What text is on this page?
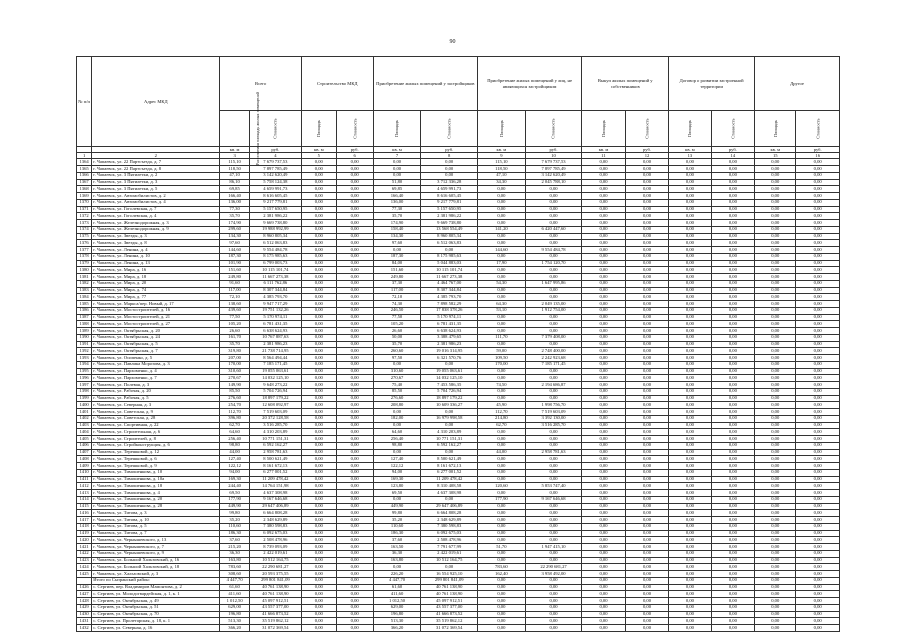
90
№ п/п	Адрес МКД	Всего		Строительство МКД		Приобретение жилых помещений у застройщиков		Приобретение жилых помещений у лиц, не являющихся застройщиком		Выкуп жилых помещений у собственников		Договор о развитии застроенной территории		Другое	
		Расселяемая площадь жилых помещений	Стоимость	Площадь	Стоимость	Площадь	Стоимость	Площадь	Стоимость	Площадь	Стоимость	Площадь	Стоимость	Площадь	Стоимость
		кв. м	руб.	кв. м	руб.	кв. м	руб.	кв. м	руб.	кв. м	руб.	кв. м	руб.	кв. м	руб.
1	2	3	4	5	6	7	8	9	10	11	12	13	14	15	16
1364	г. Чапаевск, ул. 22 Партсъезда, д. 7	115,10	7 679 737,53	0,00	0,00	0,00	0,00	115,10	7 679 737,53	0,00	0,00	0,00	0,00	0,00	0,00
1365	г. Чапаевск, ул. 22 Партсъезда, д. 8	118,50	7 897 785,49	0,00	0,00	0,00	0,00	118,50	7 897 785,49	0,00	0,00	0,00	0,00	0,00	0,00
1366	г. Чапаевск, ул. 3 Пятилетки, д. 2	47,10	3 142 620,49	0,00	0,00	0,00	0,00	47,10	3 142 620,49	0,00	0,00	0,00	0,00	0,00	0,00
1367	г. Чапаевск, ул. 3 Пятилетки, д. 3	86,10	5 758 124,38	0,00	0,00	51,80	3 712 336,28	34,30	2 045 788,10	0,00	0,00	0,00	0,00	0,00	0,00
1368	г. Чапаевск, ул. 3 Пятилетки, д. 5	69,85	4 659 991,73	0,00	0,00	69,85	4 659 991,73	0,00	0,00	0,00	0,00	0,00	0,00	0,00	0,00
1369	г. Чапаевск, ул. Автомобилистов, д. 2	166,40	8 616 605,45	0,00	0,00	166,40	8 616 605,45	0,00	0,00	0,00	0,00	0,00	0,00	0,00	0,00
1370	г. Чапаевск, ул. Автомобилистов, д. 4	136,00	9 217 779,81	0,00	0,00	136,00	9 217 779,81	0,00	0,00	0,00	0,00	0,00	0,00	0,00	0,00
1371	г. Чапаевск, ул. Гоголевская, д. 7	77,30	5 157 650,95	0,00	0,00	77,30	5 157 650,95	0,00	0,00	0,00	0,00	0,00	0,00	0,00	0,00
1372	г. Чапаевск, ул. Гоголевская, д. 4	35,70	2 381 986,22	0,00	0,00	35,70	2 381 986,22	0,00	0,00	0,00	0,00	0,00	0,00	0,00	0,00
1373	г. Чапаевск, ул. Железнодорожная, д. 3	174,90	9 669 738,80	0,00	0,00	174,90	9 669 738,80	0,00	0,00	0,00	0,00	0,00	0,00	0,00	0,00
1374	г. Чапаевск, ул. Железнодорожная, д. 9	299,60	19 988 992,99	0,00	0,00	158,40	13 568 554,49	141,20	6 420 447,60	0,00	0,00	0,00	0,00	0,00	0,00
1375	г. Чапаевск, ул. Звезды, д. 3	134,30	8 960 805,34	0,00	0,00	134,30	8 960 805,34	0,00	0,00	0,00	0,00	0,00	0,00	0,00	0,00
1376	г. Чапаевск, ул. Звезды, д. 8	97,60	6 512 063,83	0,00	0,00	97,60	6 512 063,83	0,00	0,00	0,00	0,00	0,00	0,00	0,00	0,00
1377	г. Чапаевск, ул. Ленина, д. 4	144,60	9 554 484,78	0,00	0,00	0,00	0,00	144,60	9 554 484,78	0,00	0,00	0,00	0,00	0,00	0,00
1378	г. Чапаевск, ул. Ленина, д. 10	187,30	8 175 985,63	0,00	0,00	187,30	8 175 985,63	0,00	0,00	0,00	0,00	0,00	0,00	0,00	0,00
1379	г. Чапаевск, ул. Ленина, д. 13	101,90	6 799 003,73	0,00	0,00	84,00	5 044 883,03	17,90	1 754 120,70	0,00	0,00	0,00	0,00	0,00	0,00
1380	г. Чапаевск, ул. Мира, д. 16	151,60	10 115 101,74	0,00	0,00	151,60	10 115 101,74	0,00	0,00	0,00	0,00	0,00	0,00	0,00	0,00
1381	г. Чапаевск, ул. Мира, д. 18	249,80	11 667 273,38	0,00	0,00	249,80	11 667 273,38	0,00	0,00	0,00	0,00	0,00	0,00	0,00	0,00
1382	г. Чапаевск, ул. Мира, д. 20	91,60	6 111 762,86	0,00	0,00	37,30	4 464 767,00	54,30	1 647 995,86	0,00	0,00	0,00	0,00	0,00	0,00
1383	г. Чапаевск, ул. Мира, д. 74	117,00	8 307 344,84	0,00	0,00	117,00	8 307 344,84	0,00	0,00	0,00	0,00	0,00	0,00	0,00	0,00
1384	г. Чапаевск, ул. Мира, д. 77	72,10	4 385 793,70	0,00	0,00	72,10	4 385 793,70	0,00	0,00	0,00	0,00	0,00	0,00	0,00	0,00
1385	г. Чапаевск, ул. Маркса/пер. Новый, д. 17	138,60	9 947 717,29	0,00	0,00	74,30	7 898 582,29	64,30	2 049 135,00	0,00	0,00	0,00	0,00	0,00	0,00
1386	г. Чапаевск, ул. Мостостроителей, д. 16	439,60	19 751 132,26	0,00	0,00	246,50	17 838 378,26	53,10	1 912 754,00	0,00	0,00	0,00	0,00	0,00	0,00
1387	г. Чапаевск, ул. Мостостроителей, д. 21	77,50	5 170 974,11	0,00	0,00	77,50	5 170 974,11	0,00	0,00	0,00	0,00	0,00	0,00	0,00	0,00
1388	г. Чапаевск, ул. Мостостроителей, д. 27	105,20	6 781 431,35	0,00	0,00	105,20	6 781 431,35	0,00	0,00	0,00	0,00	0,00	0,00	0,00	0,00
1389	г. Чапаевск, ул. Октябрьская, д. 20	26,60	6 638 624,93	0,00	0,00	26,60	6 638 624,93	0,00	0,00	0,00	0,00	0,00	0,00	0,00	0,00
1390	г. Чапаевск, ул. Октябрьская, д. 24	161,70	10 767 887,63	0,00	0,00	50,00	3 388 479,65	111,70	7 379 408,00	0,00	0,00	0,00	0,00	0,00	0,00
1391	г. Чапаевск, ул. Октябрьская, д. 5	35,70	2 381 986,23	0,00	0,00	35,70	2 381 986,23	0,00	0,00	0,00	0,00	0,00	0,00	0,00	0,00
1392	г. Чапаевск, ул. Октябрьская, д. 7	319,80	21 738 714,95	0,00	0,00	260,60	19 016 314,95	59,00	2 748 400,00	0,00	0,00	0,00	0,00	0,00	0,00
1393	г. Чапаевск, ул. Осипенко, д. 5	207,00	8 564 494,44	0,00	0,00	97,50	6 321 570,76	109,50	2 242 923,68	0,00	0,00	0,00	0,00	0,00	0,00
1394	г. Чапаевск, ул. Павлика Морозова, д. 3	170,00	7 185 171,45	0,00	0,00	0,00	0,00	170,00	7 185 171,45	0,00	0,00	0,00	0,00	0,00	0,00
1395	г. Чапаевск, ул. Пархоменко, д. 4	310,60	19 055 063,61	0,00	0,00	310,60	19 055 063,61	0,00	0,00	0,00	0,00	0,00	0,00	0,00	0,00
1396	г. Чапаевск, ул. Пархоменко, д. 7	270,67	14 032 125,10	0,00	0,00	270,67	14 032 125,10	0,00	0,00	0,00	0,00	0,00	0,00	0,00	0,00
1397	г. Чапаевск, ул. Полевая, д. 3	149,90	9 648 273,22	0,00	0,00	75,40	7 453 586,35	74,50	2 194 686,87	0,00	0,00	0,00	0,00	0,00	0,00
1398	г. Чапаевск, ул. Рабочая, д. 20	85,50	5 704 726,94	0,00	0,00	85,50	5 704 726,94	0,00	0,00	0,00	0,00	0,00	0,00	0,00	0,00
1399	г. Чапаевск, ул. Рабочая, д. 5	276,60	18 897 179,22	0,00	0,00	276,60	18 897 179,22	0,00	0,00	0,00	0,00	0,00	0,00	0,00	0,00
1400	г. Чапаевск, ул. Северная, д. 3	254,70	12 608 092,97	0,00	0,00	208,80	10 609 336,27	45,90	1 998 756,70	0,00	0,00	0,00	0,00	0,00	0,00
1401	г. Чапаевск, ул. Советская, д. 9	112,70	7 519 603,09	0,00	0,00	0,00	0,00	112,70	7 519 603,09	0,00	0,00	0,00	0,00	0,00	0,00
1402	г. Чапаевск, ул. Советская, д. 28	396,80	20 372 128,58	0,00	0,00	182,00	16 979 998,58	214,80	3 392 130,00	0,00	0,00	0,00	0,00	0,00	0,00
1403	г. Чапаевск, ул. Спортивная, д. 22	62,70	3 516 285,70	0,00	0,00	0,00	0,00	62,70	3 516 285,70	0,00	0,00	0,00	0,00	0,00	0,00
1404	г. Чапаевск, ул. Строительная, д. 6	64,60	4 310 203,89	0,00	0,00	64,60	4 310 203,89	0,00	0,00	0,00	0,00	0,00	0,00	0,00	0,00
1405	г. Чапаевск, ул. Строителей, д. 8	256,40	10 771 151,31	0,00	0,00	256,40	10 771 151,31	0,00	0,00	0,00	0,00	0,00	0,00	0,00	0,00
1406	г. Чапаевск, ул. Стройконструкция, д. 6	98,80	6 592 162,27	0,00	0,00	98,80	6 592 162,27	0,00	0,00	0,00	0,00	0,00	0,00	0,00	0,00
1407	г. Чапаевск, ул. Терешковой, д. 12	44,00	2 958 781,63	0,00	0,00	0,00	0,00	44,00	2 958 781,63	0,00	0,00	0,00	0,00	0,00	0,00
1408	г. Чапаевск, ул. Терешковой, д. 6	127,40	8 500 621,49	0,00	0,00	127,40	8 500 621,49	0,00	0,00	0,00	0,00	0,00	0,00	0,00	0,00
1409	г. Чапаевск, ул. Терешковой, д. 9	122,12	8 161 672,13	0,00	0,00	122,12	8 161 672,13	0,00	0,00	0,00	0,00	0,00	0,00	0,00	0,00
1410	г. Чапаевск, ул. Тимошенкова, д. 10	94,00	6 277 001,52	0,00	0,00	94,00	6 277 001,52	0,00	0,00	0,00	0,00	0,00	0,00	0,00	0,00
1411	г. Чапаевск, ул. Тимошенкова, д. 10а	169,30	11 209 478,42	0,00	0,00	169,30	11 209 478,42	0,00	0,00	0,00	0,00	0,00	0,00	0,00	0,00
1412	г. Чапаевск, ул. Тимошенкова, д. 18	244,40	14 764 151,98	0,00	0,00	123,80	8 310 408,58	120,60	5 853 747,40	0,00	0,00	0,00	0,00	0,00	0,00
1413	г. Чапаевск, ул. Тимошенкова, д. 4	69,50	4 637 308,98	0,00	0,00	69,50	4 637 308,98	0,00	0,00	0,00	0,00	0,00	0,00	0,00	0,00
1414	г. Чапаевск, ул. Тимошенкова, д. 20	177,90	9 167 646,68	0,00	0,00	0,00	0,00	177,90	9 167 646,68	0,00	0,00	0,00	0,00	0,00	0,00
1415	г. Чапаевск, ул. Тимошенкова, д. 28	449,90	29 647 406,89	0,00	0,00	449,90	29 647 406,89	0,00	0,00	0,00	0,00	0,00	0,00	0,00	0,00
1416	г. Чапаевск, ул. Титова, д. 3	99,80	6 664 808,28	0,00	0,00	99,80	6 664 808,28	0,00	0,00	0,00	0,00	0,00	0,00	0,00	0,00
1417	г. Чапаевск, ул. Титова, д. 10	35,20	2 348 629,89	0,00	0,00	35,20	2 348 629,89	0,00	0,00	0,00	0,00	0,00	0,00	0,00	0,00
1418	г. Чапаевск, ул. Титова, д. 5	110,60	7 380 598,83	0,00	0,00	110,60	7 380 598,83	0,00	0,00	0,00	0,00	0,00	0,00	0,00	0,00
1419	г. Чапаевск, ул. Титова, д. 7	186,30	6 092 675,03	0,00	0,00	186,30	6 092 675,03	0,00	0,00	0,00	0,00	0,00	0,00	0,00	0,00
1420	г. Чапаевск, ул. Чернышевского, д. 13	37,60	2 508 478,96	0,00	0,00	37,60	2 508 478,96	0,00	0,00	0,00	0,00	0,00	0,00	0,00	0,00
1421	г. Чапаевск, ул. Чернышевского, д. 7	215,20	8 739 093,09	0,00	0,00	163,50	7 791 677,99	51,70	1 947 415,10	0,00	0,00	0,00	0,00	0,00	0,00
1422	г. Чапаевск, ул. Чернышевского, д. 9	36,30	2 422 019,61	0,00	0,00	36,30	2 422 019,61	0,00	0,00	0,00	0,00	0,00	0,00	0,00	0,00
1423	г. Чапаевск, ул. Большой Хальзовский, д. 16	163,80	10 512 164,75	0,00	0,00	163,80	10 512 164,75	0,00	0,00	0,00	0,00	0,00	0,00	0,00	0,00
1424	г. Чапаевск, ул. Большой Хальзовский, д. 18	783,60	22 290 681,27	0,00	0,00	0,00	0,00	783,60	22 290 681,27	0,00	0,00	0,00	0,00	0,00	0,00
1425	г. Чапаевск, ул. Хальзовский, д. 3	308,60	20 593 375,55	0,00	0,00	226,20	16 554 925,10	162,40	3 958 492,00	0,00	0,00	0,00	0,00	0,00	0,00
	Итого по Сызранский район:	4 447,70	299 801 841,09	0,00	0,00	4 447,70	299 801 841,09	0,00	0,00	0,00	0,00	0,00	0,00	0,00	0,00
1426	с. Сергиев, пер. Владимиров Мамонтова, д. 2	61,60	40 761 138,90	0,00	0,00	61,60	40 761 138,90	0,00	0,00	0,00	0,00	0,00	0,00	0,00	0,00
1427	с. Сергиев, ул. Молодогвардейская, д. 1, к. 1	411,60	40 761 138,90	0,00	0,00	411,60	40 761 138,90	0,00	0,00	0,00	0,00	0,00	0,00	0,00	0,00
1428	с. Сергиев, ул. Октябрьская, д. 49	1 012,50	45 097 912,51	0,00	0,00	1 012,50	45 097 912,51	0,00	0,00	0,00	0,00	0,00	0,00	0,00	0,00
1429	с. Сергиев, ул. Октябрьская, д. 51	629,00	43 557 377,00	0,00	0,00	629,00	43 557 377,00	0,00	0,00	0,00	0,00	0,00	0,00	0,00	0,00
1430	с. Сергиев, ул. Октябрьская, д. 70	196,80	41 666 873,52	0,00	0,00	196,80	41 666 873,52	0,00	0,00	0,00	0,00	0,00	0,00	0,00	0,00
1431	с. Сергиев, ул. Пролетарская, д. 18, к. 1	513,30	35 519 862,12	0,00	0,00	513,30	35 519 862,12	0,00	0,00	0,00	0,00	0,00	0,00	0,00	0,00
1432	с. Сергиев, ул. Северная, д. 16	366,20	31 072 369,54	0,00	0,00	366,20	31 072 369,54	0,00	0,00	0,00	0,00	0,00	0,00	0,00	0,00
